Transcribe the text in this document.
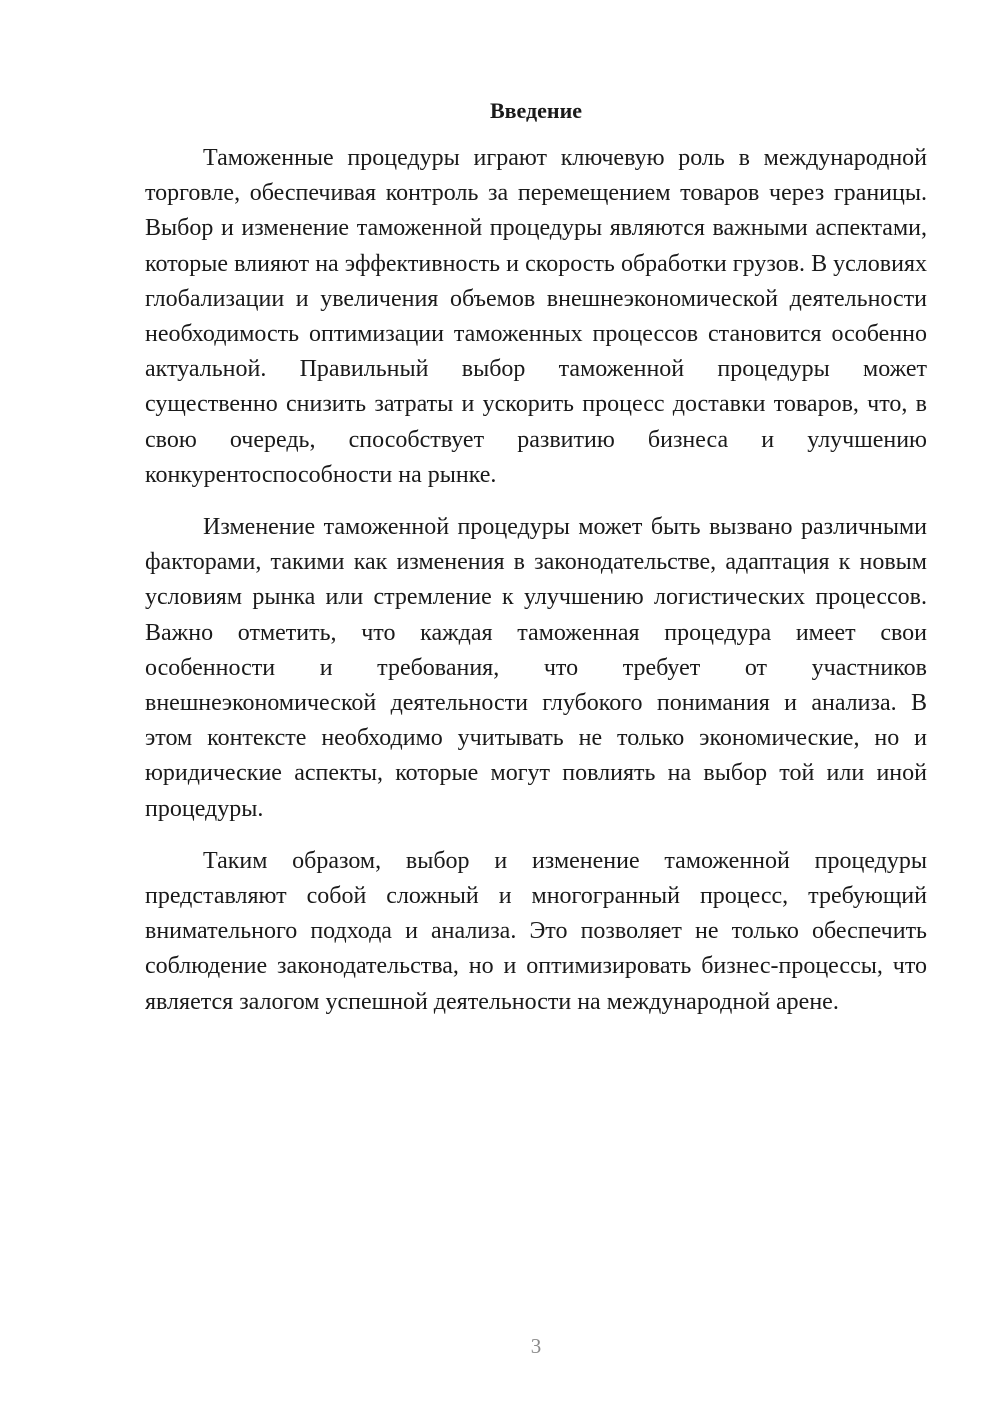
Введение

Таможенные процедуры играют ключевую роль в международной торговле, обеспечивая контроль за перемещением товаров через границы. Выбор и изменение таможенной процедуры являются важными аспектами, которые влияют на эффективность и скорость обработки грузов. В условиях глобализации и увеличения объемов внешнеэкономической деятельности необходимость оптимизации таможенных процессов становится особенно актуальной. Правильный выбор таможенной процедуры может существенно снизить затраты и ускорить процесс доставки товаров, что, в свою очередь, способствует развитию бизнеса и улучшению конкурентоспособности на рынке.

Изменение таможенной процедуры может быть вызвано различными факторами, такими как изменения в законодательстве, адаптация к новым условиям рынка или стремление к улучшению логистических процессов. Важно отметить, что каждая таможенная процедура имеет свои особенности и требования, что требует от участников внешнеэкономической деятельности глубокого понимания и анализа. В этом контексте необходимо учитывать не только экономические, но и юридические аспекты, которые могут повлиять на выбор той или иной процедуры.

Таким образом, выбор и изменение таможенной процедуры представляют собой сложный и многогранный процесс, требующий внимательного подхода и анализа. Это позволяет не только обеспечить соблюдение законодательства, но и оптимизировать бизнес-процессы, что является залогом успешной деятельности на международной арене.

3
